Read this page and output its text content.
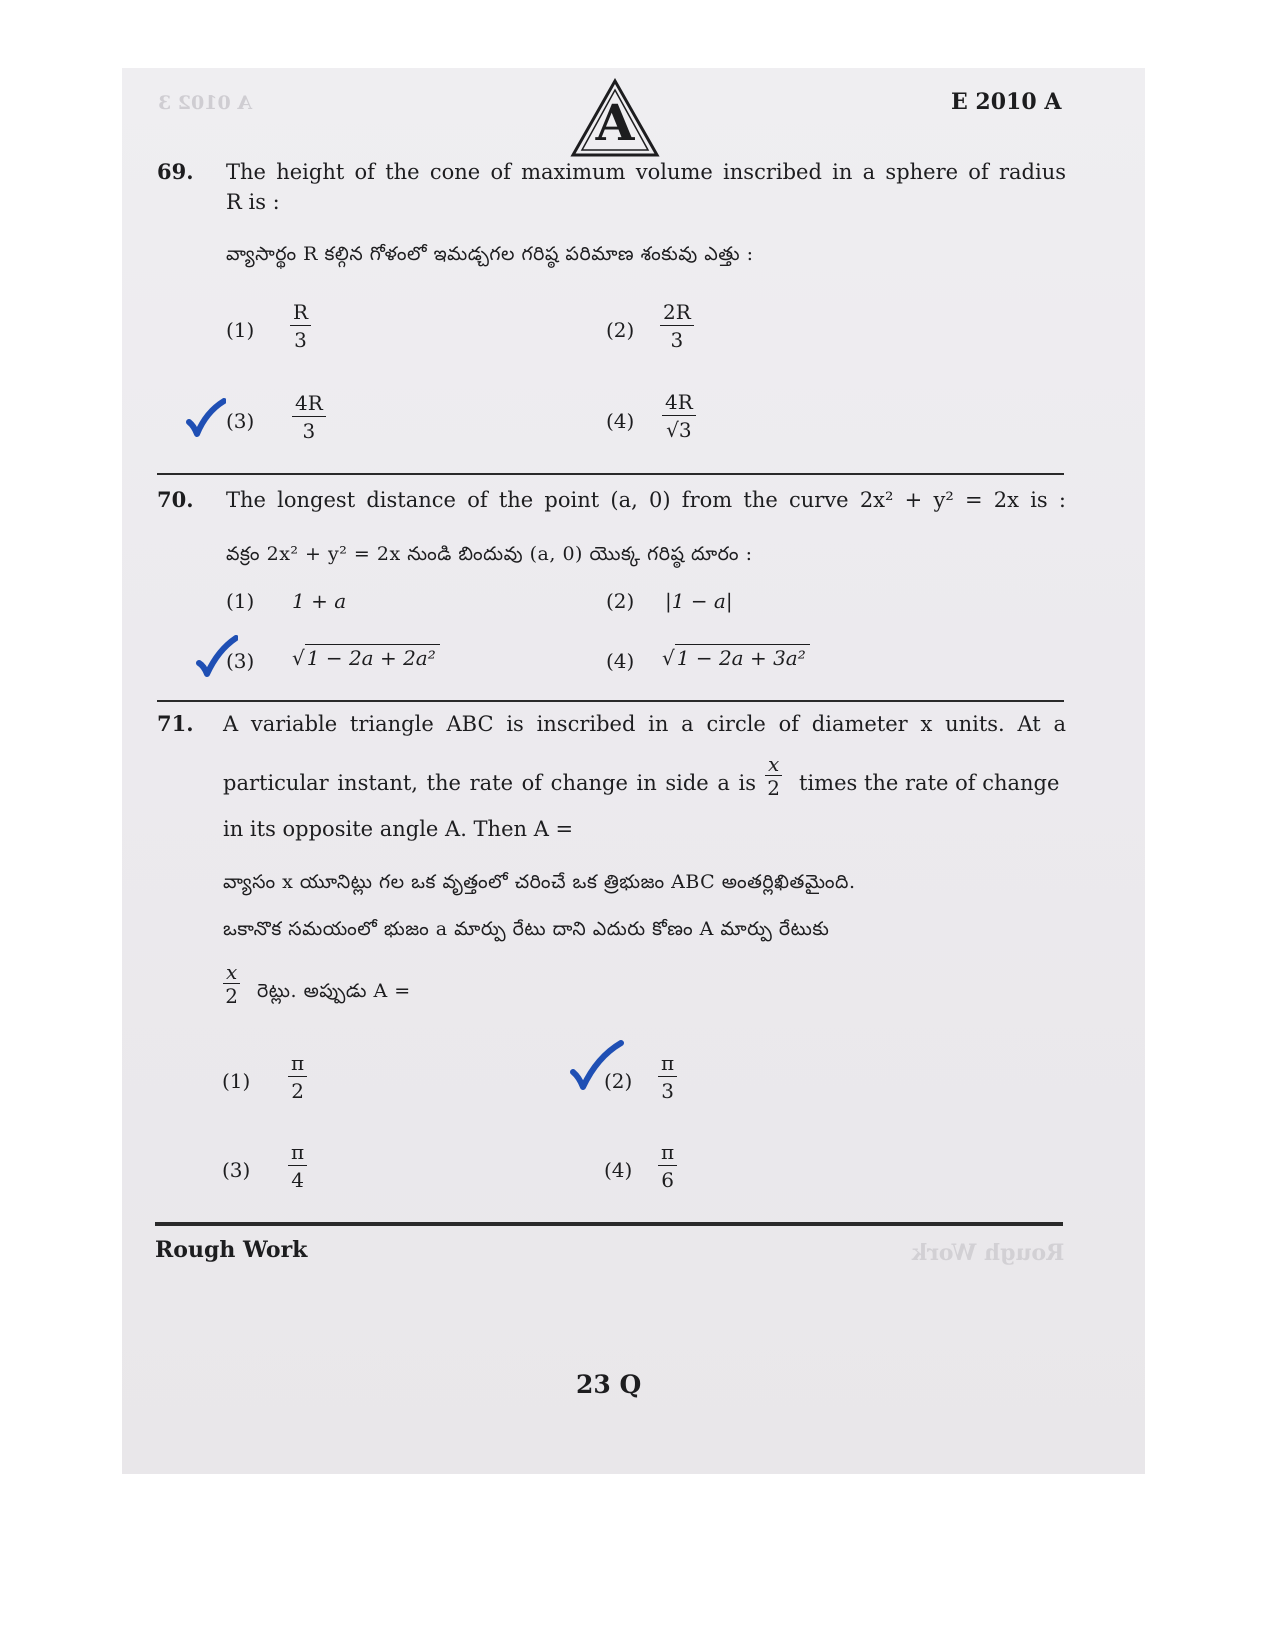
A 0102 3	A	E 2010 A
69. The height of the cone of maximum volume inscribed in a sphere of radius
R is :
వ్యాసార్థం R కల్గిన గోళంలో ఇమడ్చగల గరిష్ఠ పరిమాణ శంకువు ఎత్తు :
$(1) \frac{R}{3}$	$(2) \frac{2R}{3}$
$(3) \frac{4R}{3}$	$(4) \frac{4R}{√3}$
70. The longest distance of the point (a, 0) from the curve 2x² + y² = 2x is :
వక్రం 2x² + y² = 2x నుండి బిందువు (a, 0) యొక్క గరిష్ఠ దూరం :
(1) 1 + a	(2) |1 − a|
(3) √ 1 − 2a + 2a²	(4) √ 1 − 2a + 3a²
71. A variable triangle ABC is inscribed in a circle of diameter x units. At a
particular instant, the rate of change in side a is $\frac{x}{2}$ times the rate of change
in its opposite angle A. Then A =
వ్యాసం x యూనిట్లు గల ఒక వృత్తంలో చరించే ఒక త్రిభుజం ABC అంతర్లిఖితమైంది.
ఒకానొక సమయంలో భుజం a మార్పు రేటు దాని ఎదురు కోణం A మార్పు రేటుకు
$\frac{x}{2}$ రెట్లు. అప్పుడు A =
$(1) \frac{\pi}{2}$	$(2) \frac{\pi}{3}$
$(3) \frac{\pi}{4}$	$(4) \frac{\pi}{6}$
Rough Work	Rough Work
23 Q
